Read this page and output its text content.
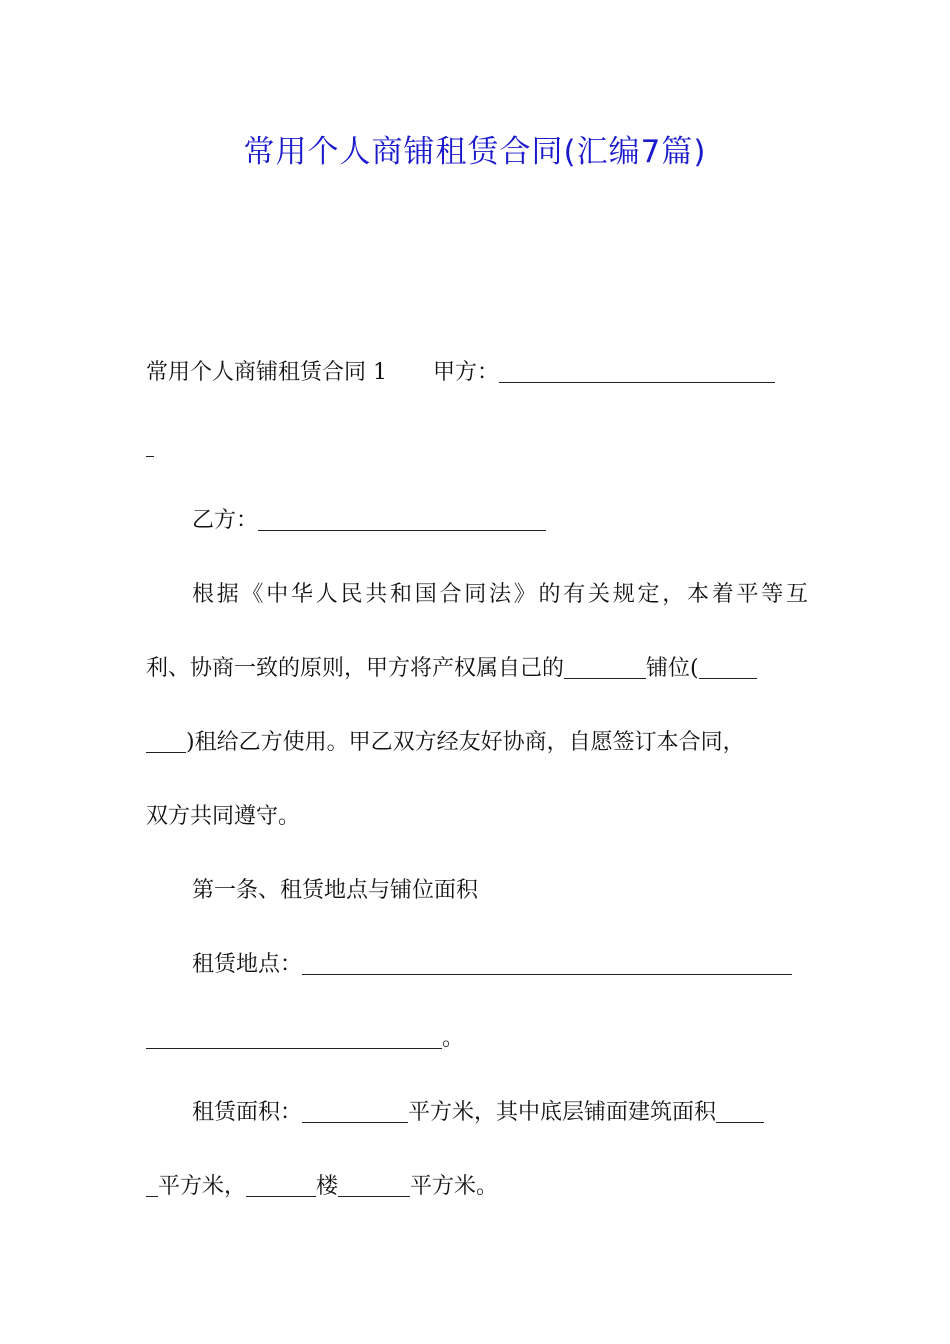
常用个人商铺租赁合同(汇编7篇)
常用个人商铺租赁合同 1 甲方：
乙方：
根据《中华人民共和国合同法》的有关规定，本着平等互
利、协商一致的原则，甲方将产权属自己的	铺位(
)租给乙方使用。甲乙双方经友好协商，自愿签订本合同，
双方共同遵守。
第一条、租赁地点与铺位面积
租赁地点：
。
租赁面积：	平方米，其中底层铺面建筑面积
平方米，	楼	平方米。
